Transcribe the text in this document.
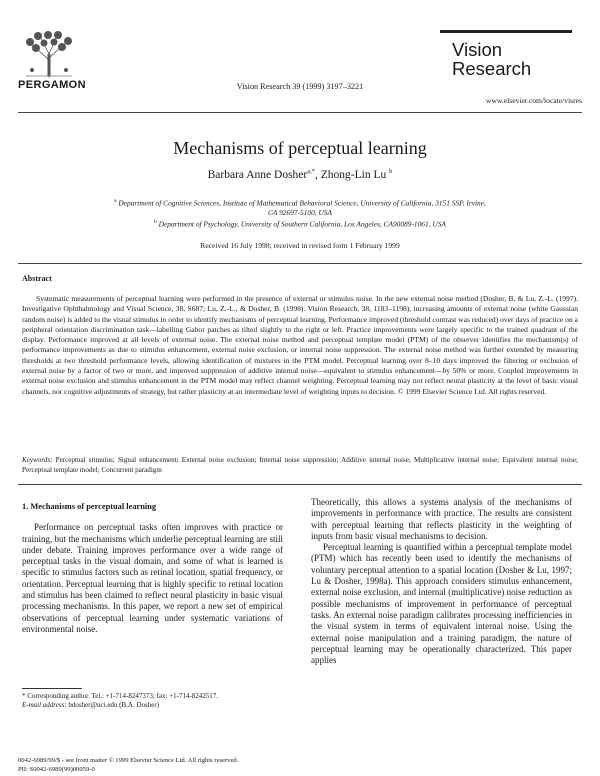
PERGAMON	Vision Research 39 (1999) 3197–3221
Vision
Research
www.elsevier.com/locate/visres
Mechanisms of perceptual learning
Barbara Anne Dosher$^{a,*}$, Zhong-Lin Lu $^b$
$^a$ Department of Cognitive Sciences, Institute of Mathematical Behavioral Science, University of California, 3151 SSP, Irvine,
CA 92697-5100, USA
$^b$ Department of Psychology, University of Southern California, Los Angeles, CA90089-1061, USA
Received 16 July 1998; received in revised form 1 February 1999
Abstract
Systematic measurements of perceptual learning were performed in the presence of external or stimulus noise. In the new external noise method (Dosher, B, & Lu, Z.-L. (1997). Investigative Ophthalmology and Visual Science, 38, S687; Lu, Z.-L., & Dosher, B. (1998). Vision Research, 38, 1183–1198), increasing amounts of external noise (white Gaussian random noise) is added to the visual stimulus in order to identify mechanisms of perceptual learning. Performance improved (threshold contrast was reduced) over days of practice on a peripheral orientation discrimination task—labelling Gabor patches as tilted slightly to the right or left. Practice improvements were largely specific to the trained quadrant of the display. Performance improved at all levels of external noise. The external noise method and perceptual template model (PTM) of the observer identifies the mechanism(s) of performance improvements as due to stimulus enhancement, external noise exclusion, or internal noise suppression. The external noise method was further extended by measuring thresholds at two threshold performance levels, allowing identification of mixtures in the PTM model. Perceptual learning over 8–10 days improved the filtering or exclusion of external noise by a factor of two or more, and improved suppression of additive internal noise—equivalent to stimulus enhancement—by 50% or more. Coupled improvements in external noise exclusion and stimulus enhancement in the PTM model may reflect channel weighting. Perceptual learning may not reflect neural plasticity at the level of basic visual channels, nor cognitive adjustments of strategy, but rather plasticity at an intermediate level of weighting inputs to decision. © 1999 Elsevier Science Ltd. All rights reserved.
Keywords: Perceptual stimulus; Signal enhancement; External noise exclusion; Internal noise suppression; Additive internal noise; Multiplicative internal noise; Equivalent internal noise; Perceptual template model; Concurrent paradigm
1. Mechanisms of perceptual learning

Performance on perceptual tasks often improves with practice or training, but the mechanisms which underlie perceptual learning are still under debate. Training improves performance over a wide range of perceptual tasks in the visual domain, and some of what is learned is specific to stimulus factors such as retinal location, spatial frequency, or orientation. Perceptual learning that is highly specific to retinal location and stimulus has been claimed to reflect neural plasticity in basic visual processing mechanisms. In this paper, we report a new set of empirical observations of perceptual learning under systematic variations of environmental noise.

Theoretically, this allows a systems analysis of the mechanisms of improvements in performance with practice. The results are consistent with perceptual learning that reflects plasticity in the weighting of inputs from basic visual mechanisms to decision.

Perceptual learning is quantified within a perceptual template model (PTM) which has recently been used to identify the mechanisms of voluntary perceptual attention to a spatial location (Dosher & Lu, 1997; Lu & Dosher, 1998a). This approach considers stimulus enhancement, external noise exclusion, and internal (multiplicative) noise reduction as possible mechanisms of improvement in performance of perceptual tasks. An external noise paradigm calibrates processing inefficiencies in the visual system in terms of equivalent internal noise. Using the external noise manipulation and a training paradigm, the nature of perceptual learning may be operationally characterized. This paper applies

* Corresponding author. Tel.: +1-714-8247373; fax: +1-714-8242517.
E-mail address: bdosher@uci.edu (B.A. Dosher)
0042-6989/99/$ - see front matter © 1999 Elsevier Science Ltd. All rights reserved.
PII: S0042-6989(99)00059-0
